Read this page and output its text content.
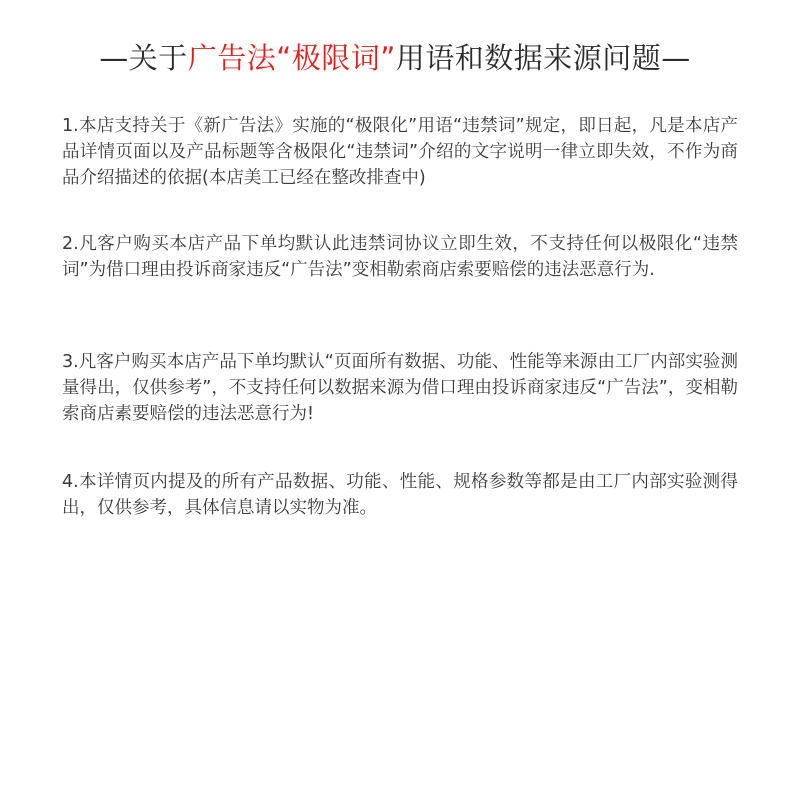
—关于广告法“极限词”用语和数据来源问题—
1.本店支持关于《新广告法》实施的“极限化”用语“违禁词”规定，即日起，凡是本店产品详情页面以及产品标题等含极限化“违禁词”介绍的文字说明一律立即失效，不作为商品介绍描述的依据(本店美工已经在整改排查中)
2.凡客户购买本店产品下单均默认此违禁词协议立即生效，不支持任何以极限化“违禁词”为借口理由投诉商家违反“广告法”变相勒索商店索要赔偿的违法恶意行为.
3.凡客户购买本店产品下单均默认“页面所有数据、功能、性能等来源由工厂内部实验测量得出，仅供参考”，不支持任何以数据来源为借口理由投诉商家违反“广告法”，变相勒索商店素要赔偿的违法恶意行为!
4.本详情页内提及的所有产品数据、功能、性能、规格参数等都是由工厂内部实验测得出，仅供参考，具体信息请以实物为准。
